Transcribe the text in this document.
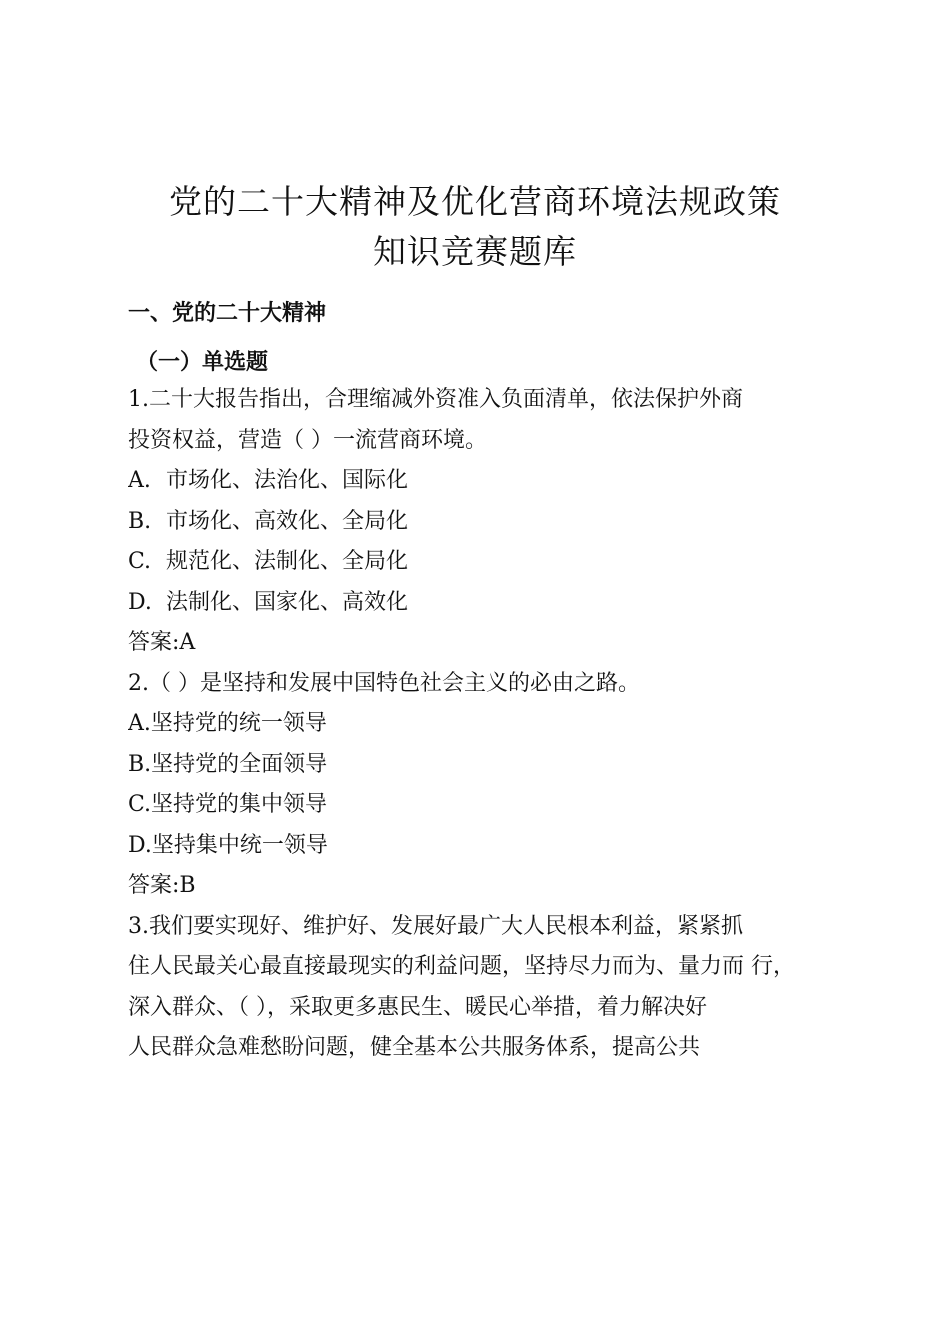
党的二十大精神及优化营商环境法规政策
知识竞赛题库
一、党的二十大精神
（一）单选题
1.二十大报告指出，合理缩减外资准入负面清单，依法保护外商
投资权益，营造（ ）一流营商环境。
A. 市场化、法治化、国际化
B. 市场化、高效化、全局化
C. 规范化、法制化、全局化
D. 法制化、国家化、高效化
答案:A
2.（ ）是坚持和发展中国特色社会主义的必由之路。
A.坚持党的统一领导
B.坚持党的全面领导
C.坚持党的集中领导
D.坚持集中统一领导
答案:B
3.我们要实现好、维护好、发展好最广大人民根本利益，紧紧抓
住人民最关心最直接最现实的利益问题，坚持尽力而为、量力而 行，
深入群众、（ ），采取更多惠民生、暖民心举措，着力解决好
人民群众急难愁盼问题，健全基本公共服务体系，提高公共
